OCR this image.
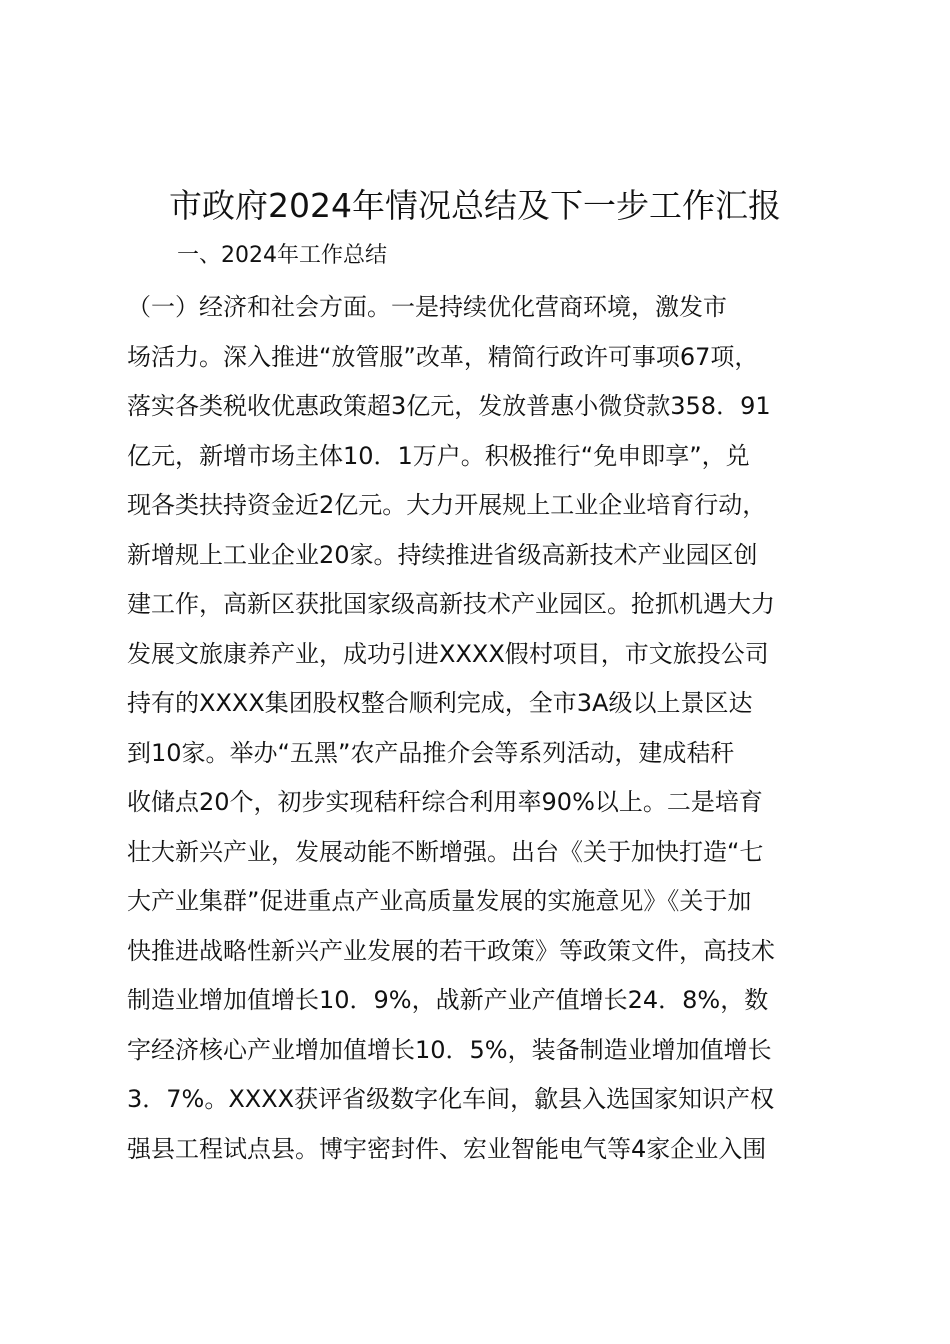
市政府2024年情况总结及下一步工作汇报
一、2024年工作总结
（一）经济和社会方面。一是持续优化营商环境，激发市
场活力。深入推进“放管服”改革，精简行政许可事项67项，
落实各类税收优惠政策超3亿元，发放普惠小微贷款358．91
亿元，新增市场主体10．1万户。积极推行“免申即享”，兑
现各类扶持资金近2亿元。大力开展规上工业企业培育行动，
新增规上工业企业20家。持续推进省级高新技术产业园区创
建工作，高新区获批国家级高新技术产业园区。抢抓机遇大力
发展文旅康养产业，成功引进XXXX假村项目，市文旅投公司
持有的XXXX集团股权整合顺利完成，全市3A级以上景区达
到10家。举办“五黑”农产品推介会等系列活动，建成秸秆
收储点20个，初步实现秸秆综合利用率90%以上。二是培育
壮大新兴产业，发展动能不断增强。出台《关于加快打造“七
大产业集群”促进重点产业高质量发展的实施意见》《关于加
快推进战略性新兴产业发展的若干政策》等政策文件，高技术
制造业增加值增长10．9%，战新产业产值增长24．8%，数
字经济核心产业增加值增长10．5%，装备制造业增加值增长
3．7%。XXXX获评省级数字化车间，歙县入选国家知识产权
强县工程试点县。博宇密封件、宏业智能电气等4家企业入围
